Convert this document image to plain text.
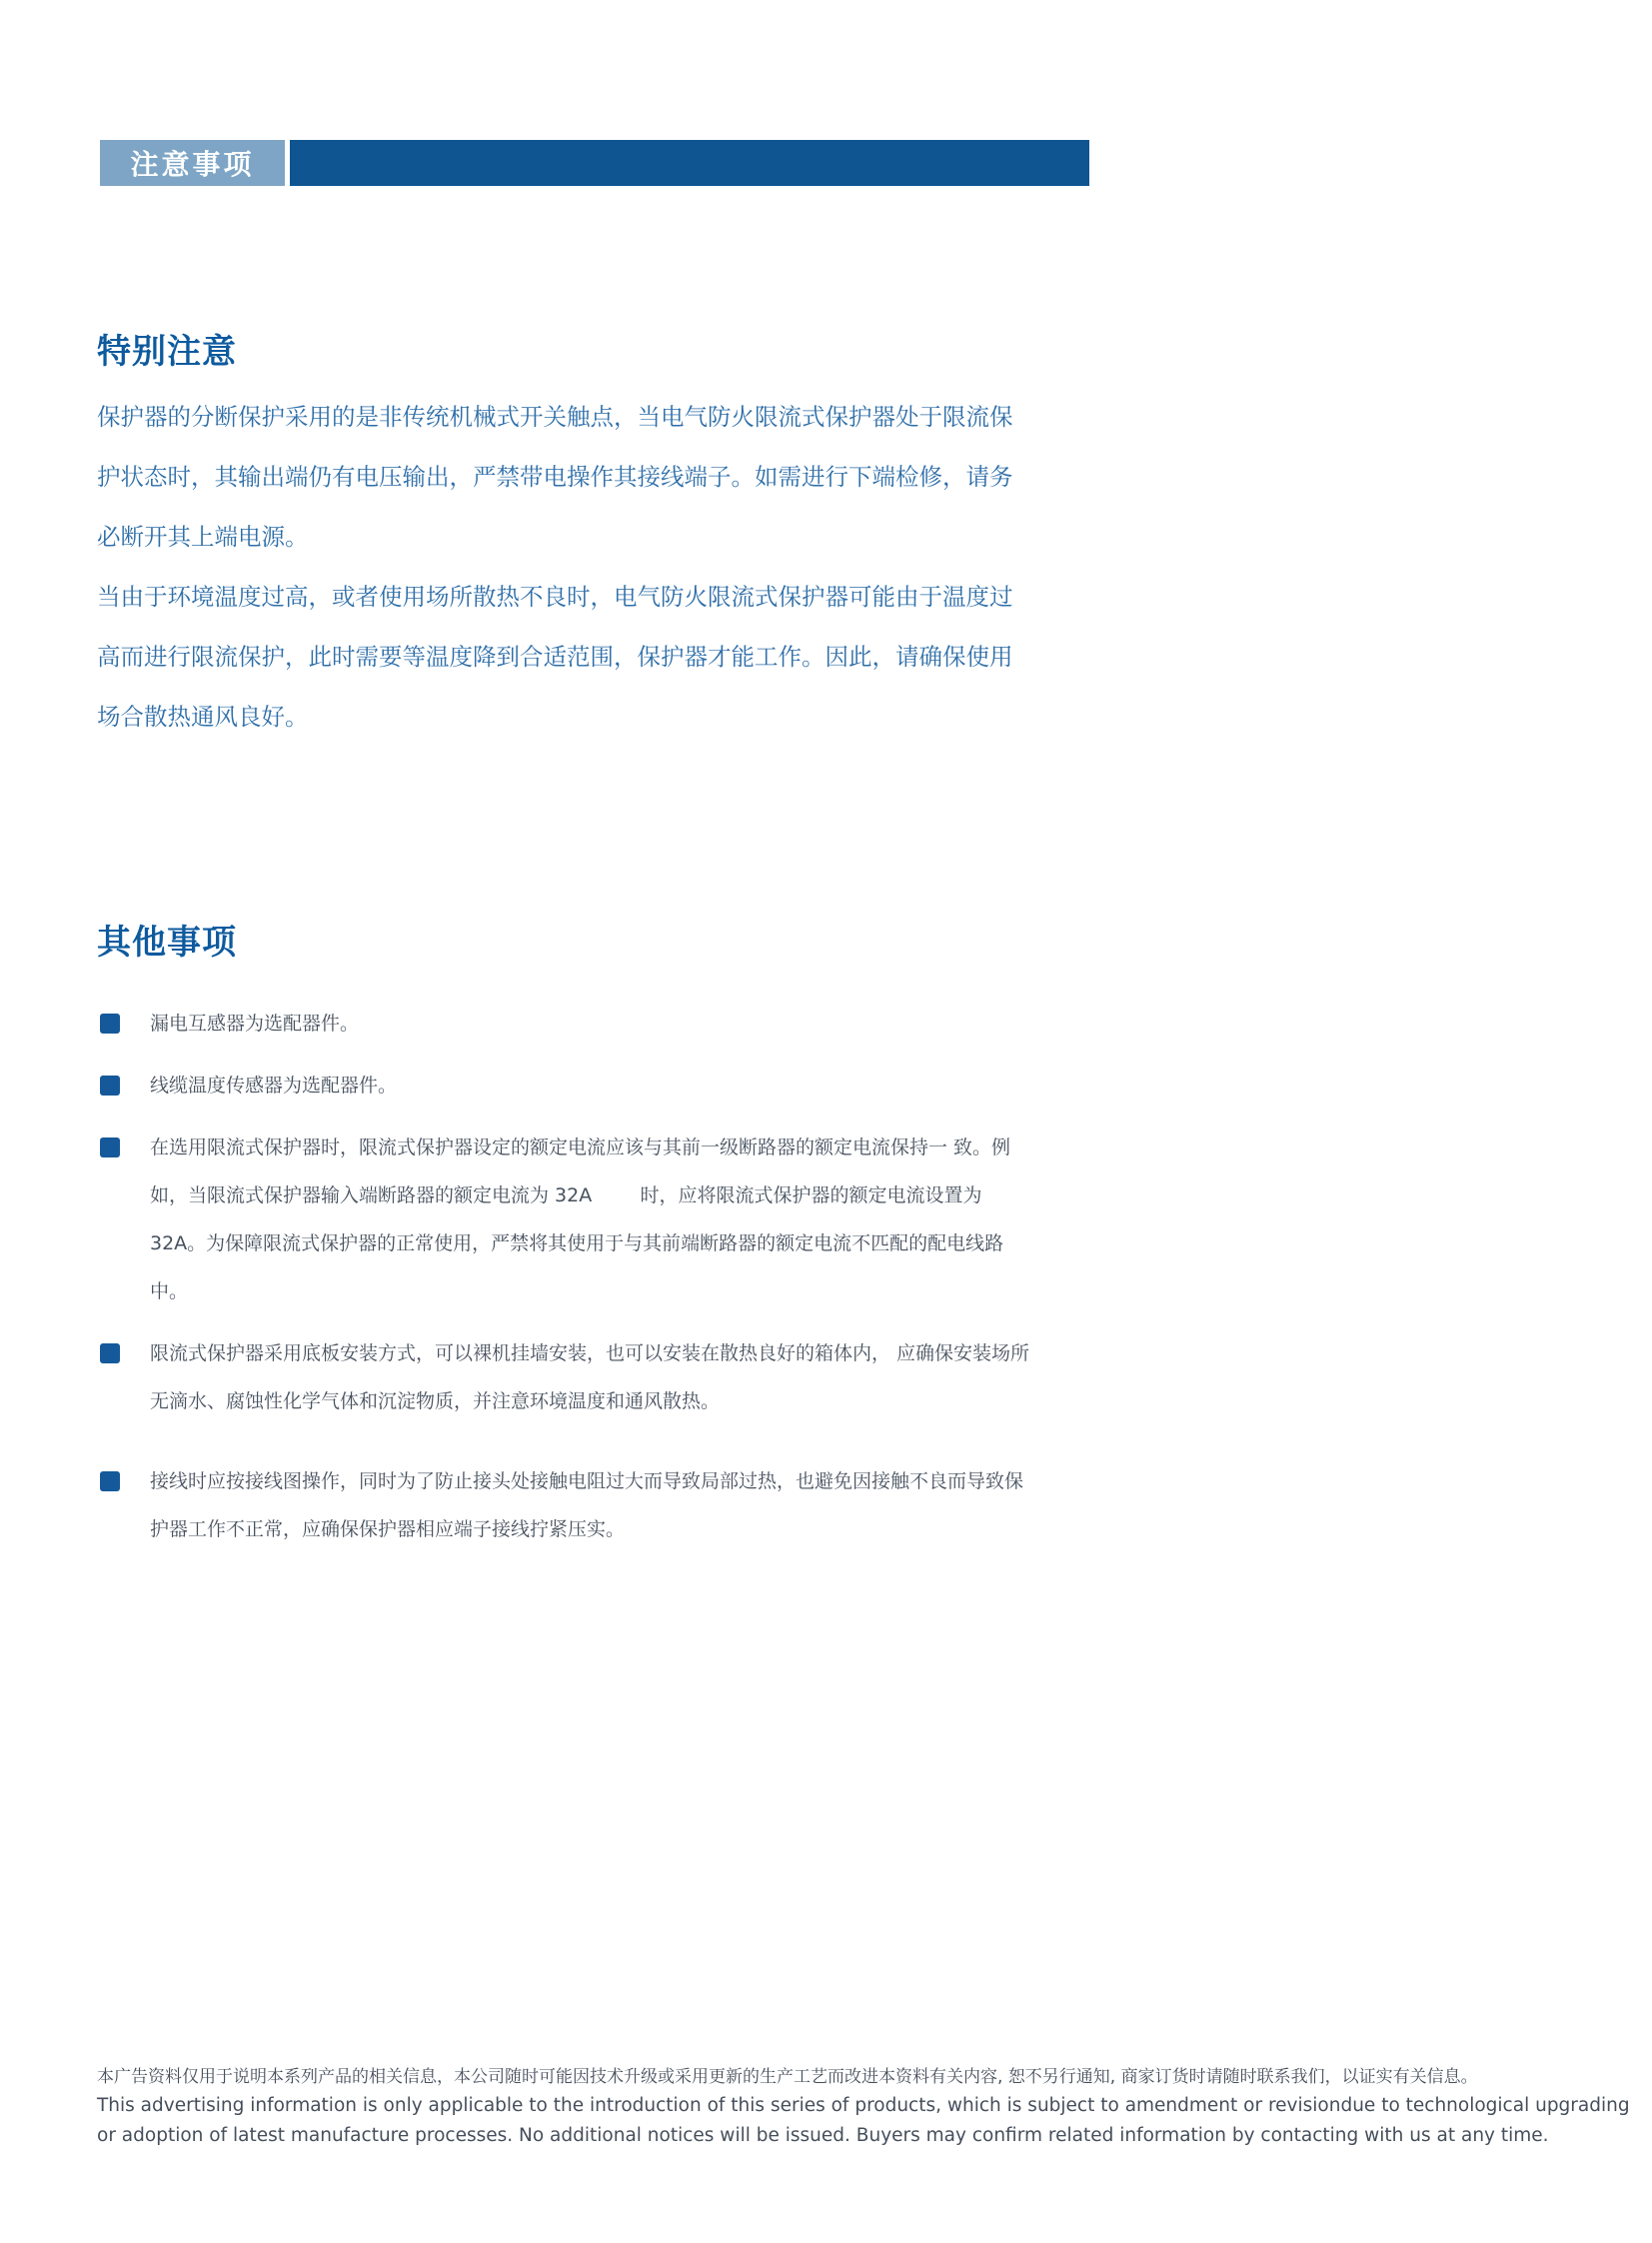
注意事项
特别注意

保护器的分断保护采用的是非传统机械式开关触点，当电气防火限流式保护器处于限流保护状态时，其输出端仍有电压输出，严禁带电操作其接线端子。如需进行下端检修，请务必断开其上端电源。

当由于环境温度过高，或者使用场所散热不良时，电气防火限流式保护器可能由于温度过高而进行限流保护，此时需要等温度降到合适范围，保护器才能工作。因此，请确保使用场合散热通风良好。

其他事项
漏电互感器为选配器件。
线缆温度传感器为选配器件。
在选用限流式保护器时，限流式保护器设定的额定电流应该与其前一级断路器的额定电流保持一 致。例如，当限流式保护器输入端断路器的额定电流为 32A        时，应将限流式保护器的额定电流设置为 32A。为保障限流式保护器的正常使用，严禁将其使用于与其前端断路器的额定电流不匹配的配电线路中。
限流式保护器采用底板安装方式，可以裸机挂墙安装，也可以安装在散热良好的箱体内， 应确保安装场所无滴水、腐蚀性化学气体和沉淀物质，并注意环境温度和通风散热。
接线时应按接线图操作，同时为了防止接头处接触电阻过大而导致局部过热，也避免因接触不良而导致保护器工作不正常，应确保保护器相应端子接线拧紧压实。
本广告资料仅用于说明本系列产品的相关信息，本公司随时可能因技术升级或采用更新的生产工艺而改进本资料有关内容, 恕不另行通知, 商家订货时请随时联系我们，以证实有关信息。
This advertising information is only applicable to the introduction of this series of products, which is subject to amendment or revisiondue to technological upgrading
or adoption of latest manufacture processes. No additional notices will be issued. Buyers may confirm related information by contacting with us at any time.
